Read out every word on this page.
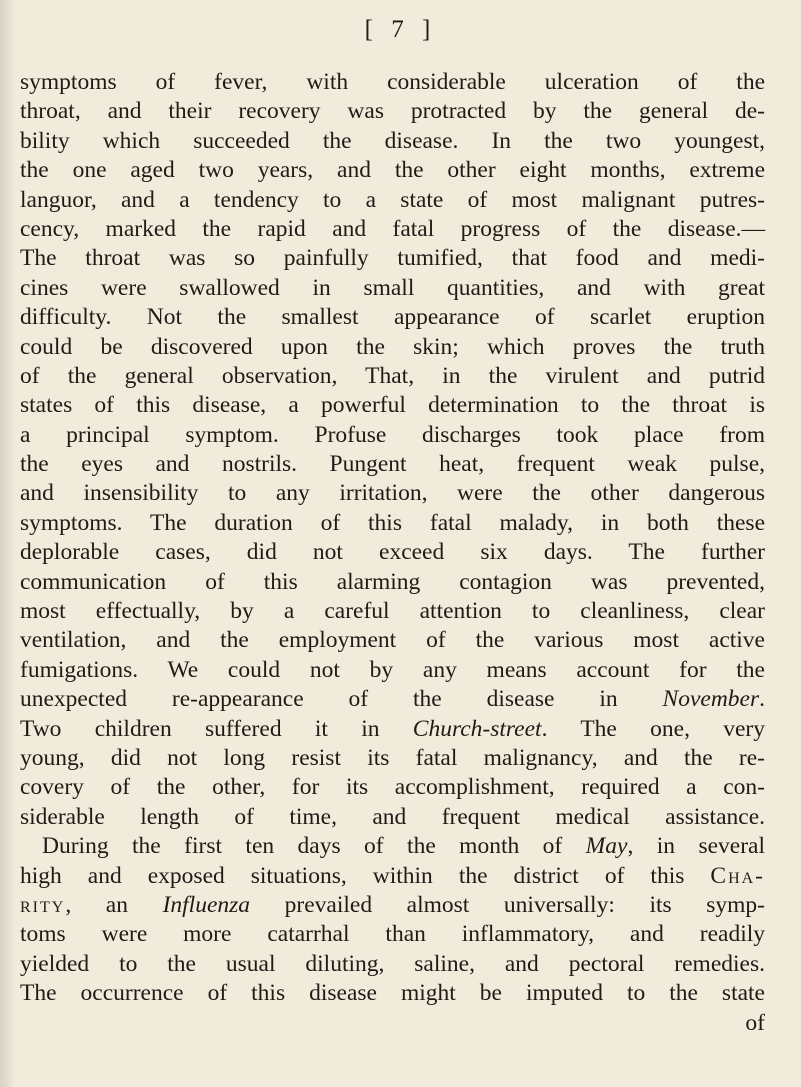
[ 7 ]
symptoms of fever, with considerable ulceration of the
throat, and their recovery was protracted by the general de-
bility which succeeded the disease. In the two youngest,
the one aged two years, and the other eight months, extreme
languor, and a tendency to a state of most malignant putres-
cency, marked the rapid and fatal progress of the disease.—
The throat was so painfully tumified, that food and medi-
cines were swallowed in small quantities, and with great
difficulty. Not the smallest appearance of scarlet eruption
could be discovered upon the skin; which proves the truth
of the general observation, That, in the virulent and putrid
states of this disease, a powerful determination to the throat is
a principal symptom. Profuse discharges took place from
the eyes and nostrils. Pungent heat, frequent weak pulse,
and insensibility to any irritation, were the other dangerous
symptoms. The duration of this fatal malady, in both these
deplorable cases, did not exceed six days. The further
communication of this alarming contagion was prevented,
most effectually, by a careful attention to cleanliness, clear
ventilation, and the employment of the various most active
fumigations. We could not by any means account for the
unexpected re-appearance of the disease in November.
Two children suffered it in Church-street. The one, very
young, did not long resist its fatal malignancy, and the re-
covery of the other, for its accomplishment, required a con-
siderable length of time, and frequent medical assistance.
During the first ten days of the month of May, in several
high and exposed situations, within the district of this Cha-
rity, an Influenza prevailed almost universally: its symp-
toms were more catarrhal than inflammatory, and readily
yielded to the usual diluting, saline, and pectoral remedies.
The occurrence of this disease might be imputed to the state
of
